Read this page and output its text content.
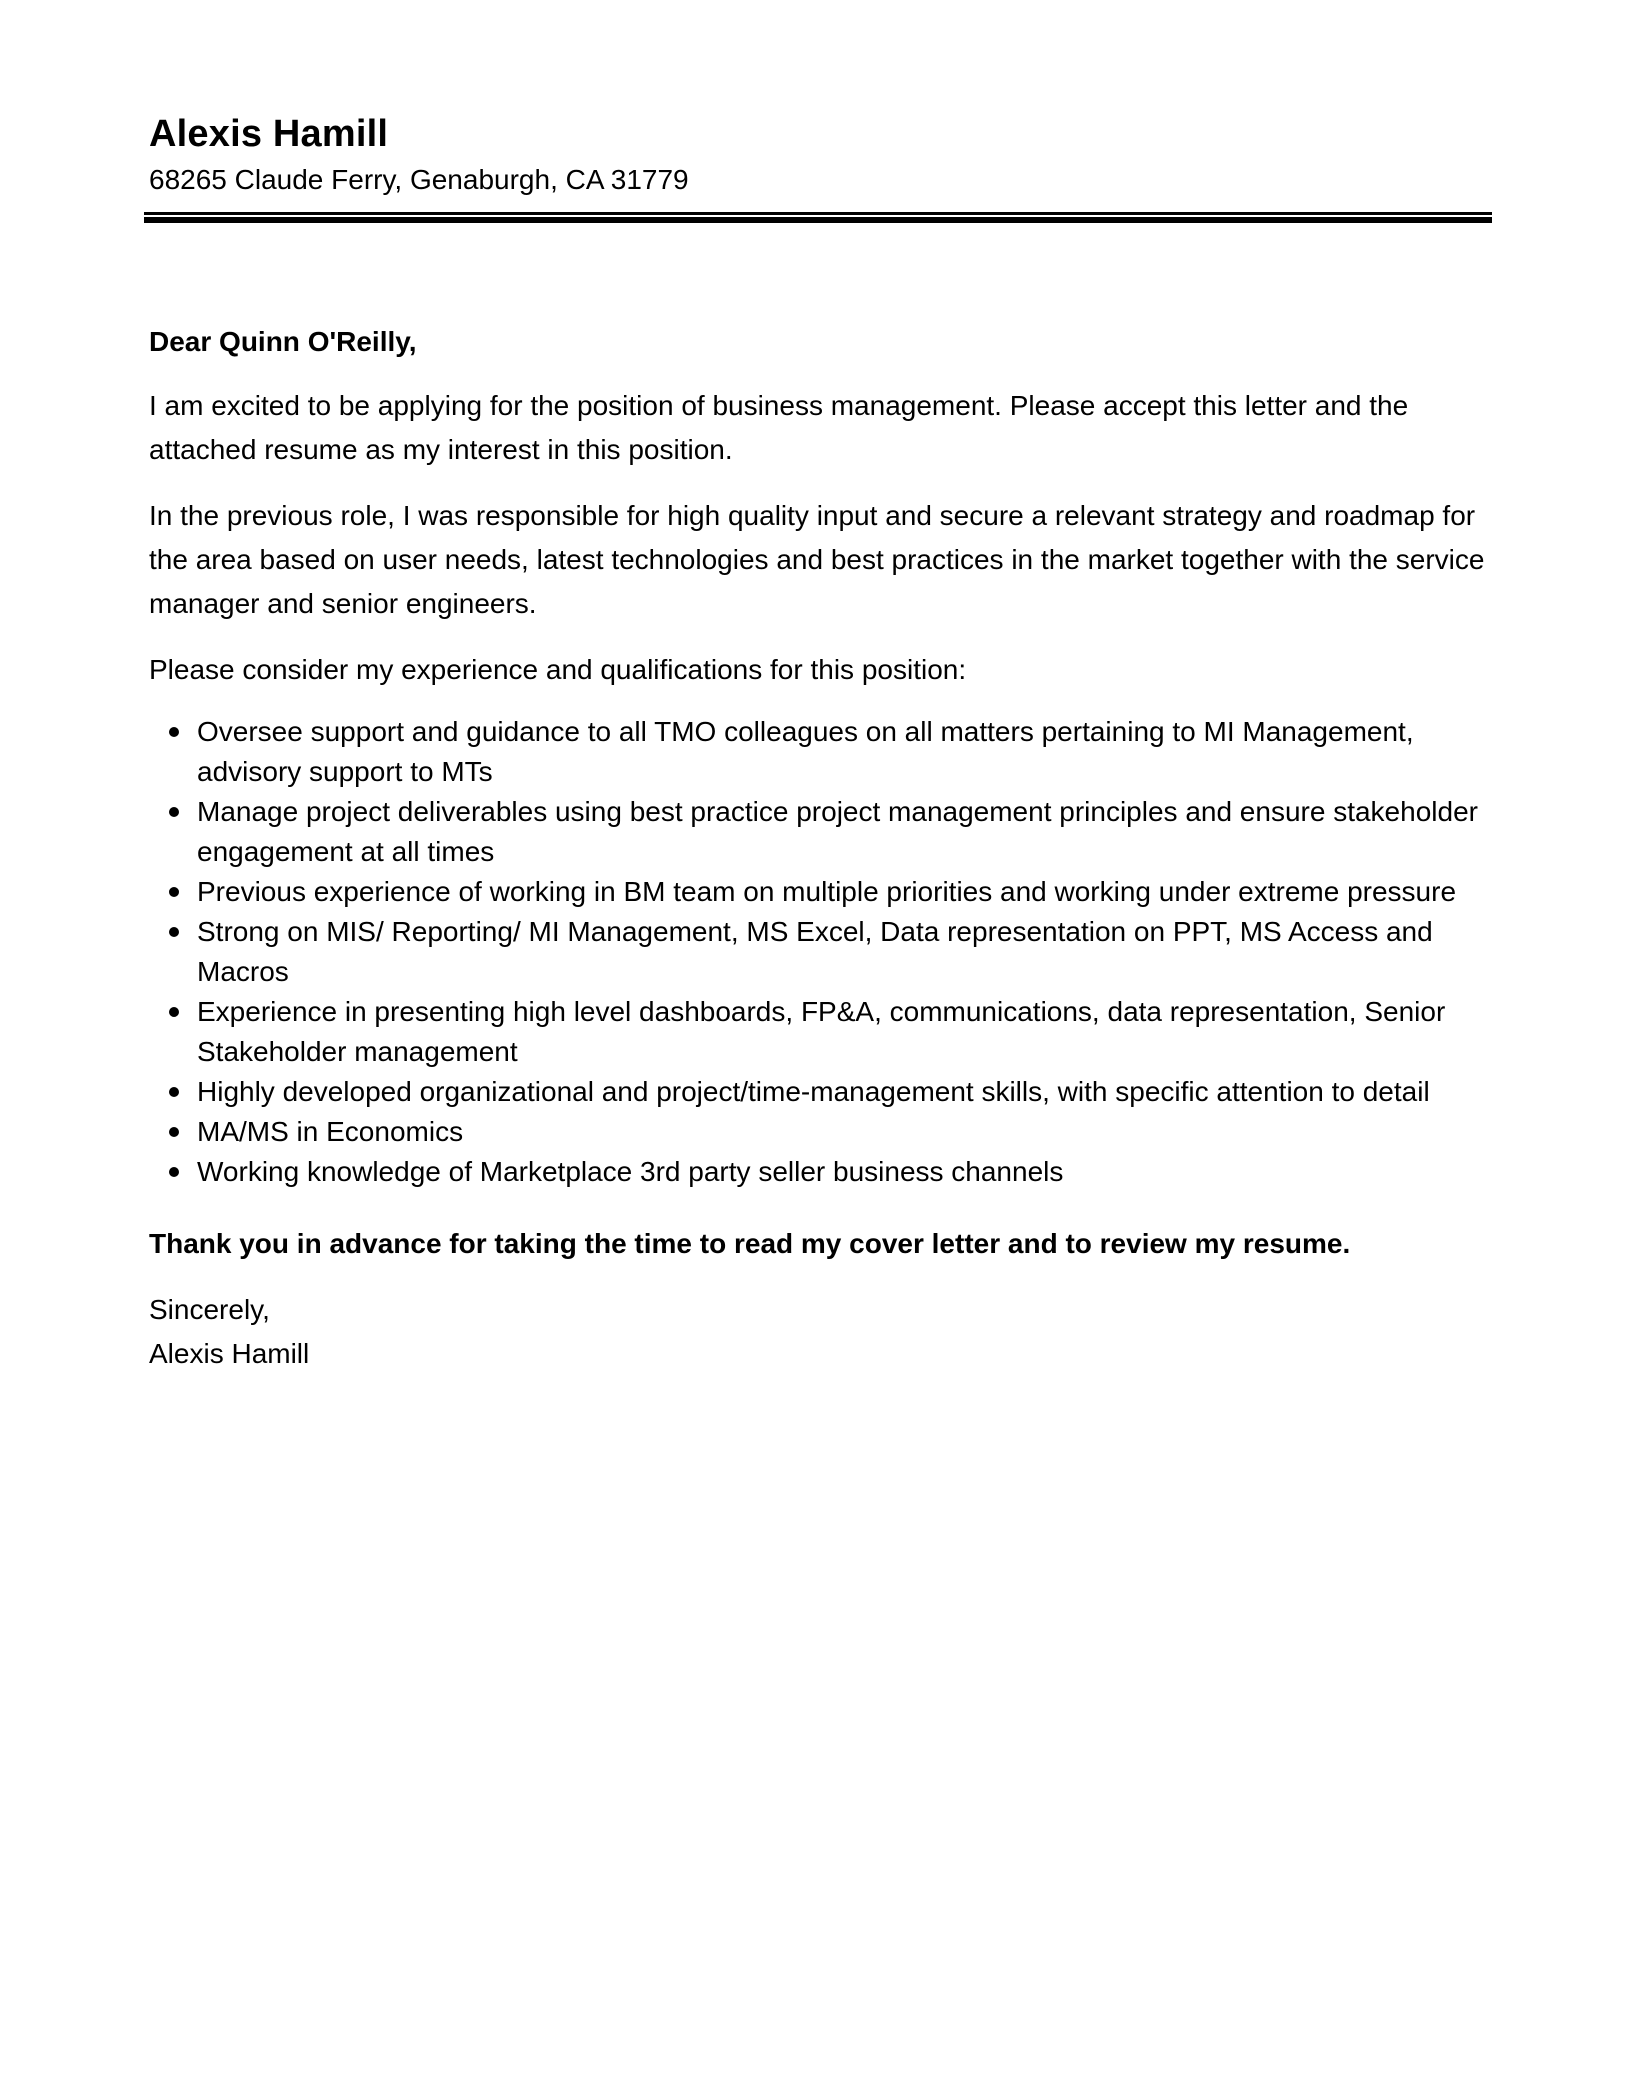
Alexis Hamill

68265 Claude Ferry, Genaburgh, CA 31779

Dear Quinn O'Reilly,

I am excited to be applying for the position of business management. Please accept this letter and the attached resume as my interest in this position.

In the previous role, I was responsible for high quality input and secure a relevant strategy and roadmap for the area based on user needs, latest technologies and best practices in the market together with the service manager and senior engineers.

Please consider my experience and qualifications for this position:

Oversee support and guidance to all TMO colleagues on all matters pertaining to MI Management, advisory support to MTs
Manage project deliverables using best practice project management principles and ensure stakeholder engagement at all times
Previous experience of working in BM team on multiple priorities and working under extreme pressure
Strong on MIS/ Reporting/ MI Management, MS Excel, Data representation on PPT, MS Access and Macros
Experience in presenting high level dashboards, FP&A, communications, data representation, Senior Stakeholder management
Highly developed organizational and project/time-management skills, with specific attention to detail
MA/MS in Economics
Working knowledge of Marketplace 3rd party seller business channels

Thank you in advance for taking the time to read my cover letter and to review my resume.

Sincerely,

Alexis Hamill
